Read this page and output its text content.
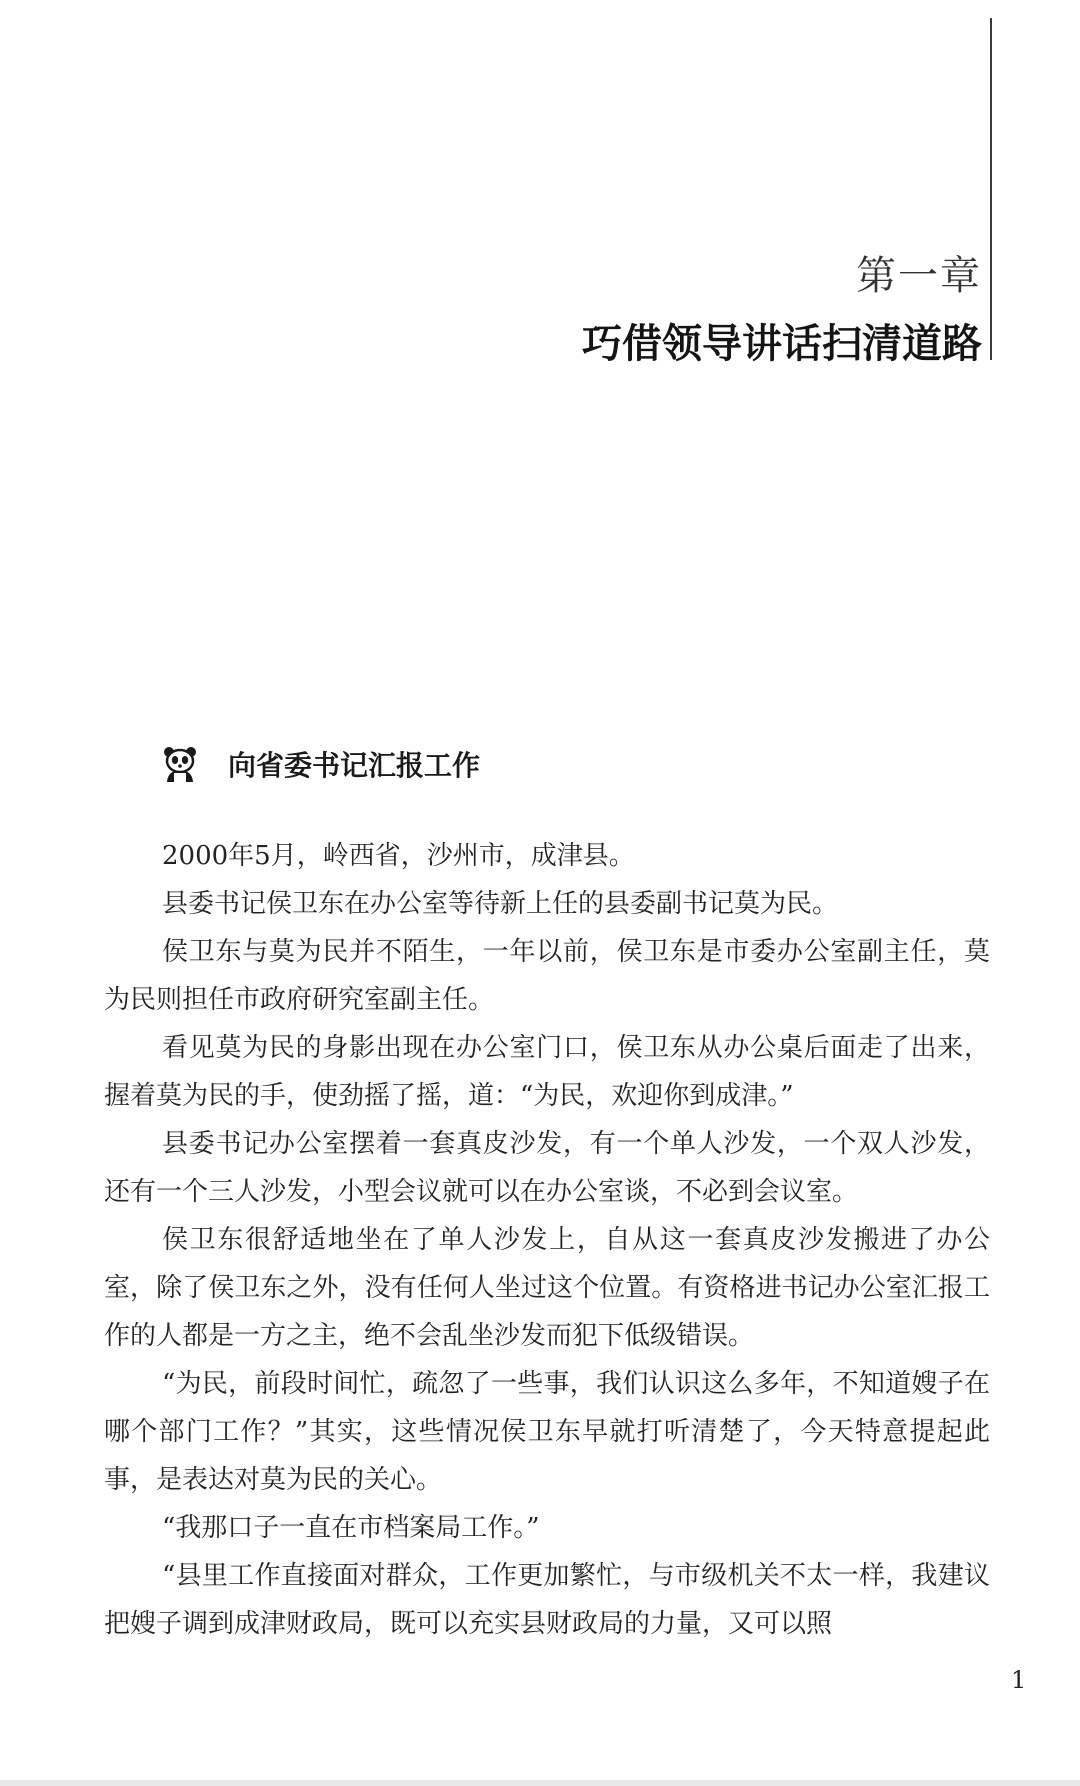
第一章
巧借领导讲话扫清道路
向省委书记汇报工作

2000年5月，岭西省，沙州市，成津县。

县委书记侯卫东在办公室等待新上任的县委副书记莫为民。

侯卫东与莫为民并不陌生，一年以前，侯卫东是市委办公室副主任，莫为民则担任市政府研究室副主任。

看见莫为民的身影出现在办公室门口，侯卫东从办公桌后面走了出来，握着莫为民的手，使劲摇了摇，道：“为民，欢迎你到成津。”

县委书记办公室摆着一套真皮沙发，有一个单人沙发，一个双人沙发，还有一个三人沙发，小型会议就可以在办公室谈，不必到会议室。

侯卫东很舒适地坐在了单人沙发上，自从这一套真皮沙发搬进了办公室，除了侯卫东之外，没有任何人坐过这个位置。有资格进书记办公室汇报工作的人都是一方之主，绝不会乱坐沙发而犯下低级错误。

“为民，前段时间忙，疏忽了一些事，我们认识这么多年，不知道嫂子在哪个部门工作？”其实，这些情况侯卫东早就打听清楚了，今天特意提起此事，是表达对莫为民的关心。

“我那口子一直在市档案局工作。”

“县里工作直接面对群众，工作更加繁忙，与市级机关不太一样，我建议把嫂子调到成津财政局，既可以充实县财政局的力量，又可以照

1
